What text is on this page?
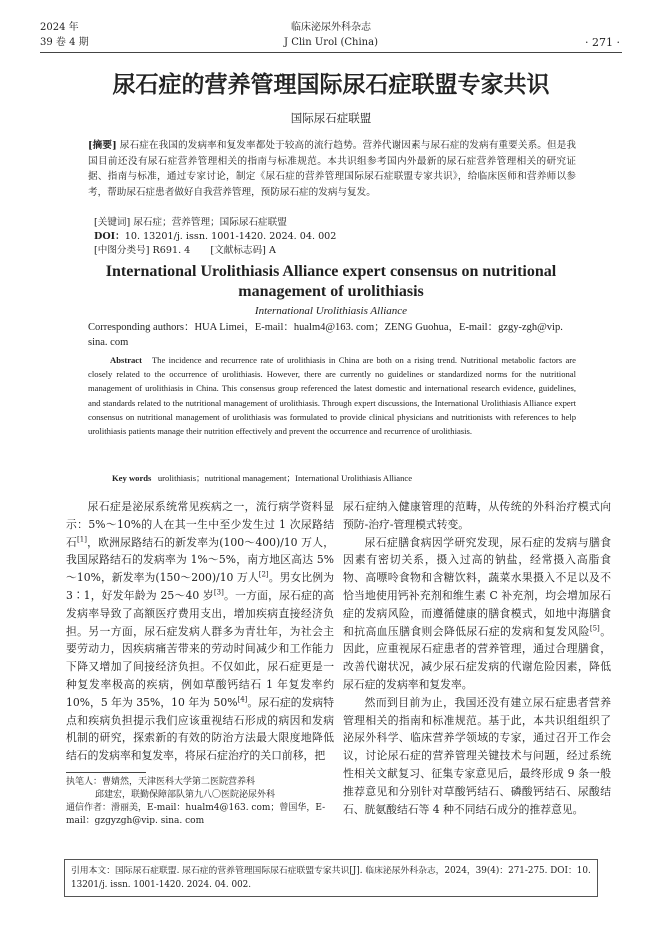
2024 年
39 卷 4 期
临床泌尿外科杂志
J Clin Urol (China)	· 271 ·
尿石症的营养管理国际尿石症联盟专家共识
国际尿石症联盟
[摘要] 尿石症在我国的发病率和复发率都处于较高的流行趋势。营养代谢因素与尿石症的发病有重要关系。但是我国目前还没有尿石症营养管理相关的指南与标准规范。本共识组参考国内外最新的尿石症营养管理相关的研究证据、指南与标准，通过专家讨论，制定《尿石症的营养管理国际尿石症联盟专家共识》，给临床医师和营养师以参考，帮助尿石症患者做好自我营养管理，预防尿石症的发病与复发。
[关键词] 尿石症；营养管理；国际尿石症联盟
DOI：10. 13201/j. issn. 1001-1420. 2024. 04. 002
[中图分类号] R691. 4 [文献标志码] A
International Urolithiasis Alliance expert consensus on nutritional management of urolithiasis
International Urolithiasis Alliance
Corresponding authors：HUA Limei，E-mail：hualm4@163. com；ZENG Guohua，E-mail：gzgy-zgh@vip. sina. com
Abstract The incidence and recurrence rate of urolithiasis in China are both on a rising trend. Nutritional metabolic factors are closely related to the occurrence of urolithiasis. However, there are currently no guidelines or standardized norms for the nutritional management of urolithiasis in China. This consensus group referenced the latest domestic and international research evidence, guidelines, and standards related to the nutritional management of urolithiasis. Through expert discussions, the International Urolithiasis Alliance expert consensus on nutritional management of urolithiasis was formulated to provide clinical physicians and nutritionists with references to help urolithiasis patients manage their nutrition effectively and prevent the occurrence and recurrence of urolithiasis.
Key words urolithiasis；nutritional management；International Urolithiasis Alliance

尿石症是泌尿系统常见疾病之一，流行病学资料显示：5%～10%的人在其一生中至少发生过 1 次尿路结石[1]，欧洲尿路结石的新发率为(100～400)/10 万人，我国尿路结石的发病率为 1%～5%，南方地区高达 5%～10%，新发率为(150～200)/10 万人[2]。男女比例为 3∶1，好发年龄为 25～40 岁[3]。一方面，尿石症的高发病率导致了高额医疗费用支出，增加疾病直接经济负担。另一方面，尿石症发病人群多为青壮年，为社会主要劳动力，因疾病痛苦带来的劳动时间减少和工作能力下降又增加了间接经济负担。不仅如此，尿石症更是一种复发率极高的疾病，例如草酸钙结石 1 年复发率约 10%，5 年为 35%，10 年为 50%[4]。尿石症的发病特点和疾病负担提示我们应该重视结石形成的病因和发病机制的研究，探索新的有效的防治方法最大限度地降低结石的发病率和复发率，将尿石症治疗的关口前移，把

尿石症纳入健康管理的范畴，从传统的外科治疗模式向预防-治疗-管理模式转变。

尿石症膳食病因学研究发现，尿石症的发病与膳食因素有密切关系，摄入过高的钠盐，经常摄入高脂食物、高嘌呤食物和含糖饮料，蔬菜水果摄入不足以及不恰当地使用钙补充剂和维生素 C 补充剂，均会增加尿石症的发病风险，而遵循健康的膳食模式，如地中海膳食和抗高血压膳食则会降低尿石症的发病和复发风险[5]。因此，应重视尿石症患者的营养管理，通过合理膳食，改善代谢状况，减少尿石症发病的代谢危险因素，降低尿石症的发病率和复发率。

然而到目前为止，我国还没有建立尿石症患者营养管理相关的指南和标准规范。基于此，本共识组组织了泌尿外科学、临床营养学领域的专家，通过召开工作会议，讨论尿石症的营养管理关键技术与问题，经过系统性相关文献复习、征集专家意见后，最终形成 9 条一般推荐意见和分别针对草酸钙结石、磷酸钙结石、尿酸结石、胱氨酸结石等 4 种不同结石成分的推荐意见。

执笔人：曹婧然，天津医科大学第二医院营养科
邱建宏，联勤保障部队第九八〇医院泌尿外科
通信作者：滑丽美，E-mail：hualm4@163. com；曾国华，E-mail：gzgyzgh@vip. sina. com
引用本文：国际尿石症联盟. 尿石症的营养管理国际尿石症联盟专家共识[J]. 临床泌尿外科杂志，2024，39(4)：271-275. DOI：10. 13201/j. issn. 1001-1420. 2024. 04. 002.
